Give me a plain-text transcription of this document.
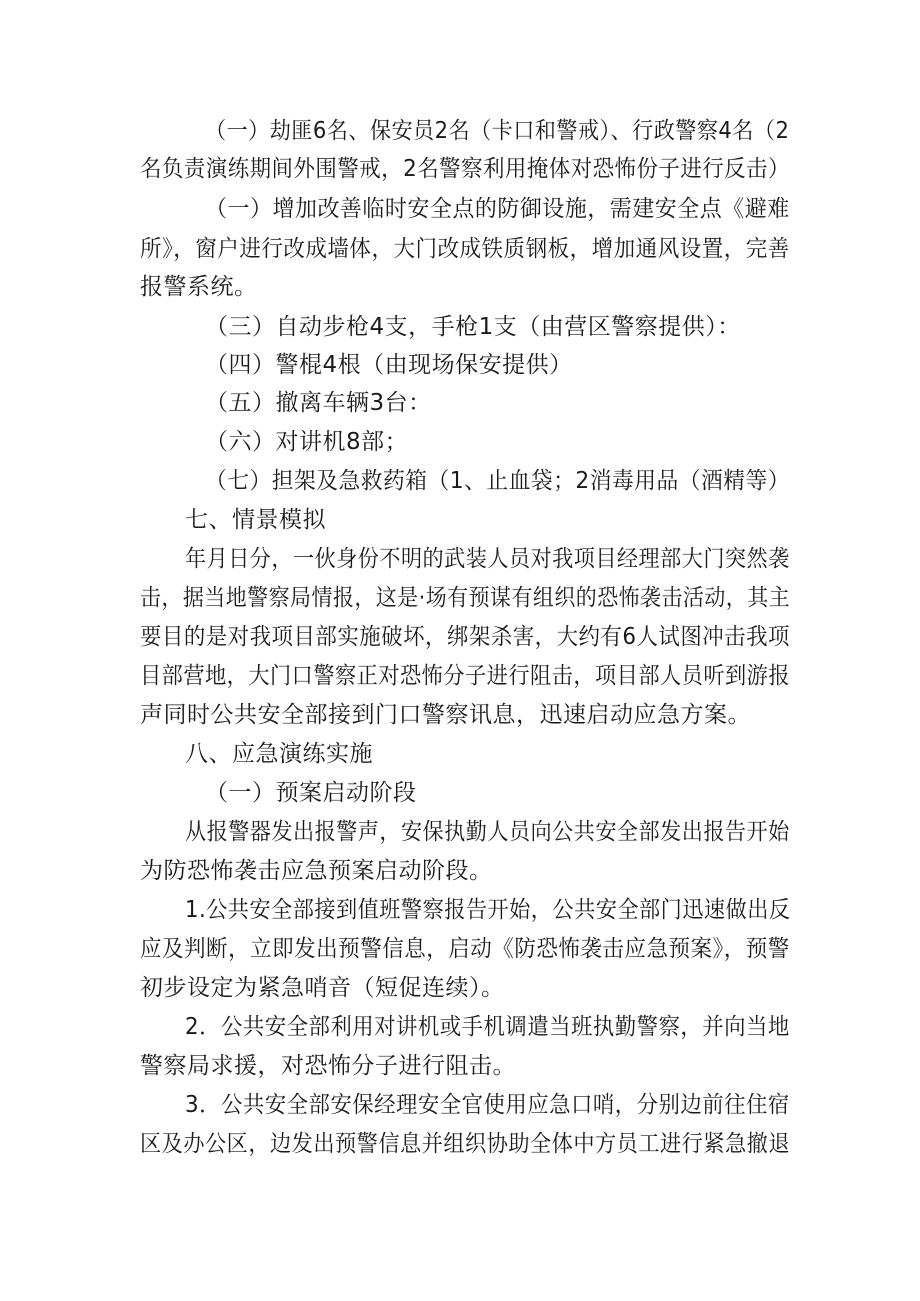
（一）劫匪6名、保安员2名（卡口和警戒）、行政警察4名（2
名负责演练期间外围警戒，2名警察利用掩体对恐怖份子进行反击）
（一）增加改善临时安全点的防御设施，需建安全点《避难
所》，窗户进行改成墙体，大门改成铁质钢板，增加通风设置，完善
报警系统。
（三）自动步枪4支，手枪1支（由营区警察提供）：
（四）警棍4根（由现场保安提供）
（五）撤离车辆3台：
（六）对讲机8部；
（七）担架及急救药箱（1、止血袋；2消毒用品（酒精等）
七、情景模拟
年月日分，一伙身份不明的武装人员对我项目经理部大门突然袭
击，据当地警察局情报，这是·场有预谋有组织的恐怖袭击活动，其主
要目的是对我项目部实施破坏，绑架杀害，大约有6人试图冲击我项
目部营地，大门口警察正对恐怖分子进行阻击，项目部人员听到游报
声同时公共安全部接到门口警察讯息，迅速启动应急方案。
八、应急演练实施
（一）预案启动阶段
从报警器发出报警声，安保执勤人员向公共安全部发出报告开始
为防恐怖袭击应急预案启动阶段。
1.公共安全部接到值班警察报告开始，公共安全部门迅速做出反
应及判断，立即发出预警信息，启动《防恐怖袭击应急预案》，预警
初步设定为紧急哨音（短促连续）。
2．公共安全部利用对讲机或手机调遣当班执勤警察，并向当地
警察局求援，对恐怖分子进行阻击。
3．公共安全部安保经理安全官使用应急口哨，分别边前往住宿
区及办公区，边发出预警信息并组织协助全体中方员工进行紧急撤退
